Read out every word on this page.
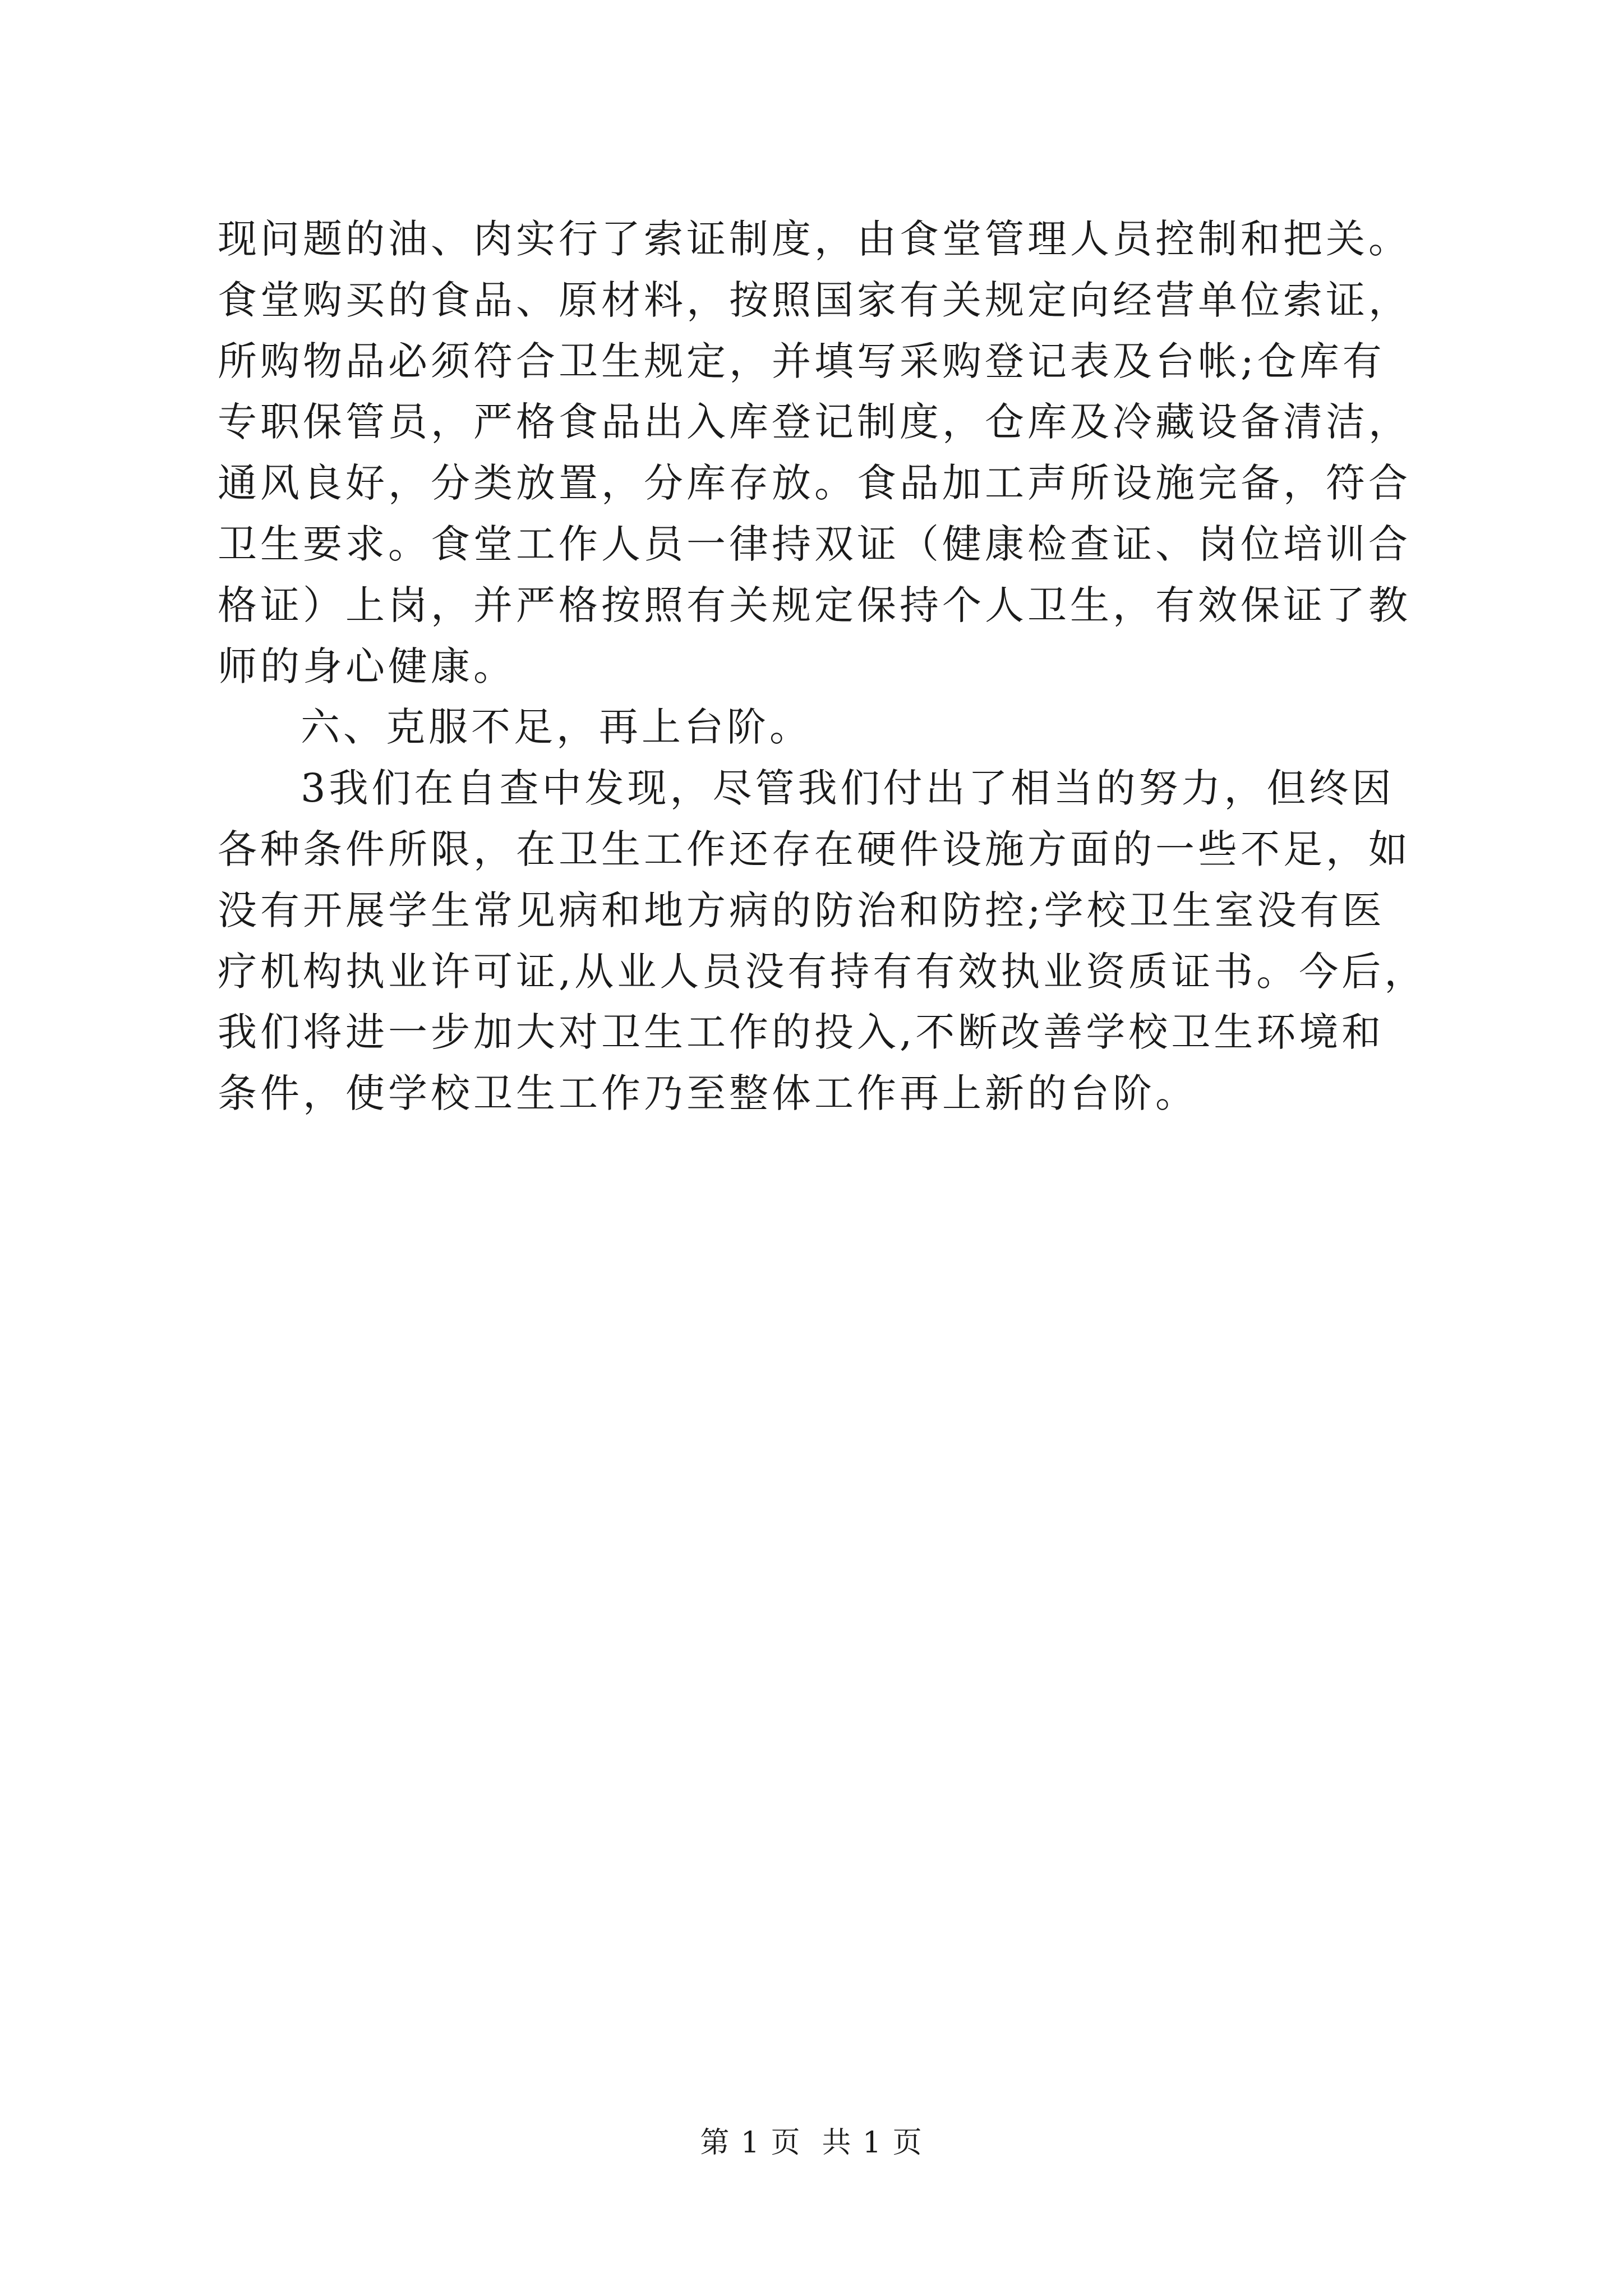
现问题的油、肉实行了索证制度，由食堂管理人员控制和把关。
食堂购买的食品、原材料，按照国家有关规定向经营单位索证，
所购物品必须符合卫生规定，并填写采购登记表及台帐;仓库有
专职保管员，严格食品出入库登记制度，仓库及冷藏设备清洁，
通风良好，分类放置，分库存放。食品加工声所设施完备，符合
卫生要求。食堂工作人员一律持双证（健康检查证、岗位培训合
格证）上岗，并严格按照有关规定保持个人卫生，有效保证了教
师的身心健康。
六、克服不足，再上台阶。
3我们在自查中发现，尽管我们付出了相当的努力，但终因
各种条件所限，在卫生工作还存在硬件设施方面的一些不足，如
没有开展学生常见病和地方病的防治和防控;学校卫生室没有医
疗机构执业许可证,从业人员没有持有有效执业资质证书。今后，
我们将进一步加大对卫生工作的投入,不断改善学校卫生环境和
条件，使学校卫生工作乃至整体工作再上新的台阶。
第 1 页  共 1 页
